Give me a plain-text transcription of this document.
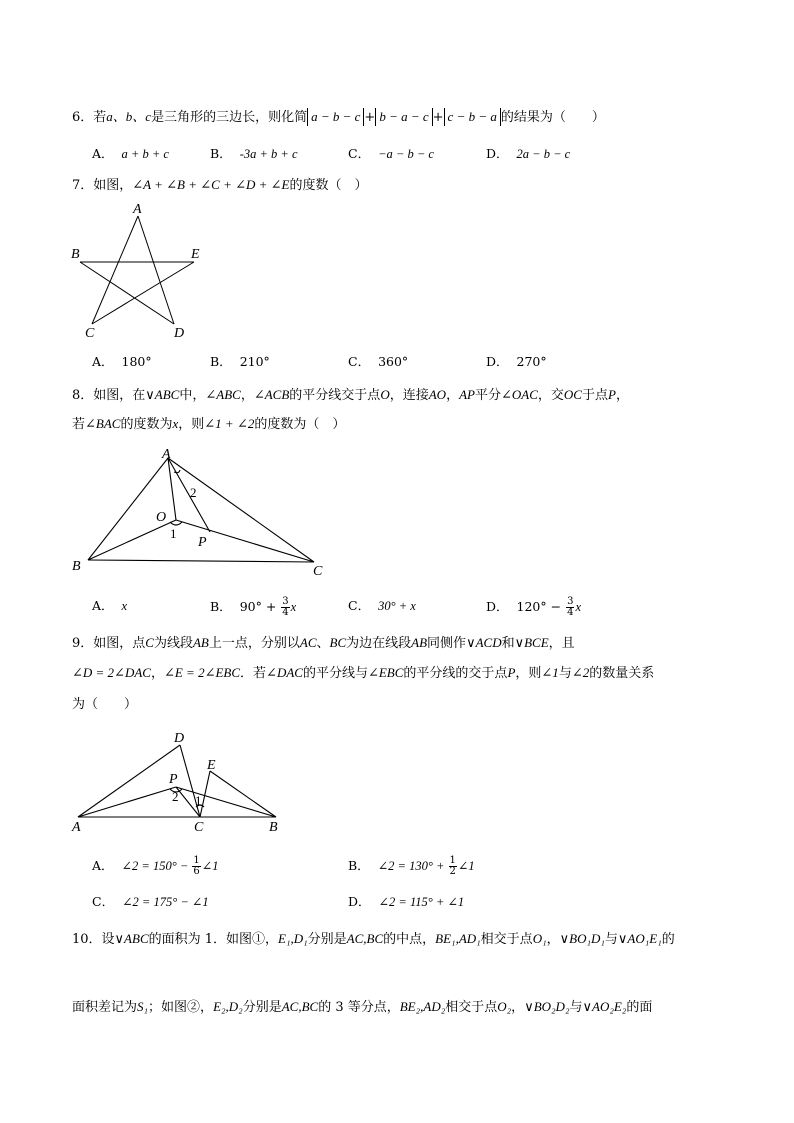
6．若a、b、c是三角形的三边长，则化简 a − b − c + b − a − c + c − b − a 的结果为（　　）
A． a + b + c	B． -3a + b + c	C． −a − b − c	D． 2a − b − c
7．如图，∠A + ∠B + ∠C + ∠D + ∠E的度数（　）
A
B	E
C	D
A． 180°	B． 210°	C． 360°	D． 270°
8．如图，在∨ABC中，∠ABC，∠ACB的平分线交于点O，连接AO，AP平分∠OAC，交OC于点P，
若∠BAC的度数为x，则∠1 + ∠2的度数为（　）
A
B	C
O
P
1
2
A． x	B． $90^\circ + \frac{3}{4}$ x	C． 30° + x	D． $120^\circ - \frac{3}{4}$ x
9．如图，点C为线段AB上一点，分别以AC、BC为边在线段AB同侧作∨ACD和∨BCE，且
∠D = 2∠DAC，∠E = 2∠EBC．若∠DAC的平分线与∠EBC的平分线的交于点P，则∠1与∠2的数量关系
为（　　）
A	B
C
D
E
P
2 1
A． ∠2 = $150^\circ - \frac{1}{6}$ ∠1	B． ∠2 = $130^\circ + \frac{1}{2}$ ∠1
C． ∠2 = 175° − ∠1	D． ∠2 = 115° + ∠1
10．设∨ABC的面积为 1．如图①，E₁,D₁分别是AC,BC的中点，BE₁,AD₁相交于点O₁，∨BO₁D₁与∨AO₁E₁的
面积差记为S₁；如图②，E₂,D₂分别是AC,BC的 3 等分点，BE₂,AD₂相交于点O₂，∨BO₂D₂与∨AO₂E₂的面
